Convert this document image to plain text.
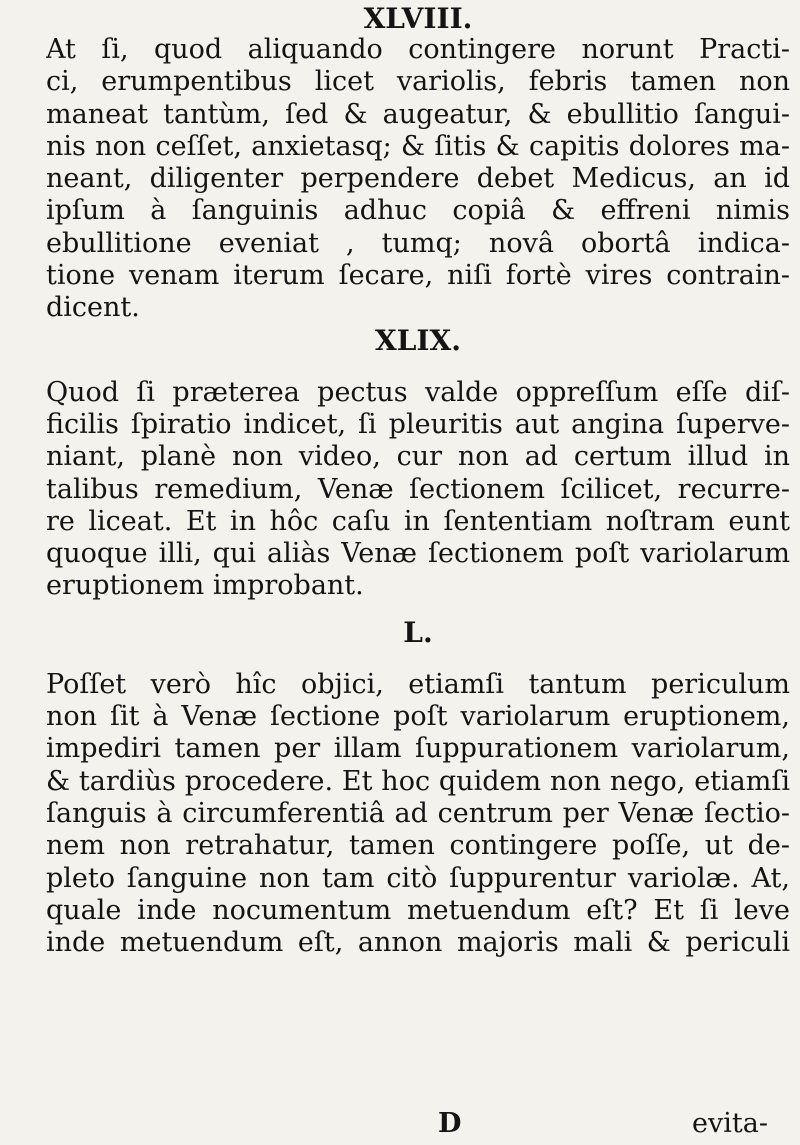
XLVIII.

At ſi, quod aliquando contingere norunt Practi-

ci, erumpentibus licet variolis, febris tamen non

maneat tantùm, ſed & augeatur, & ebullitio ſangui-

nis non ceſſet, anxietasq; & ſitis & capitis dolores ma-

neant, diligenter perpendere debet Medicus, an id

ipſum à ſanguinis adhuc copiâ & effreni nimis

ebullitione eveniat , tumq; novâ obortâ indica-

tione venam iterum ſecare, niſi fortè vires contrain-

dicent.

XLIX.

Quod ſi præterea pectus valde oppreſſum eſſe diſ-

ficilis ſpiratio indicet, ſi pleuritis aut angina ſuperve-

niant, planè non video, cur non ad certum illud in

talibus remedium, Venæ ſectionem ſcilicet, recurre-

re liceat. Et in hôc caſu in ſententiam noſtram eunt

quoque illi, qui aliàs Venæ ſectionem poſt variolarum

eruptionem improbant.

L.

Poſſet verò hîc objici, etiamſi tantum periculum

non ſit à Venæ ſectione poſt variolarum eruptionem,

impediri tamen per illam ſuppurationem variolarum,

& tardiùs procedere. Et hoc quidem non nego, etiamſi

ſanguis à circumferentiâ ad centrum per Venæ ſectio-

nem non retrahatur, tamen contingere poſſe, ut de-

pleto ſanguine non tam citò ſuppurentur variolæ. At,

quale inde nocumentum metuendum eſt? Et ſi leve

inde metuendum eſt, annon majoris mali & periculi

D	evita-
